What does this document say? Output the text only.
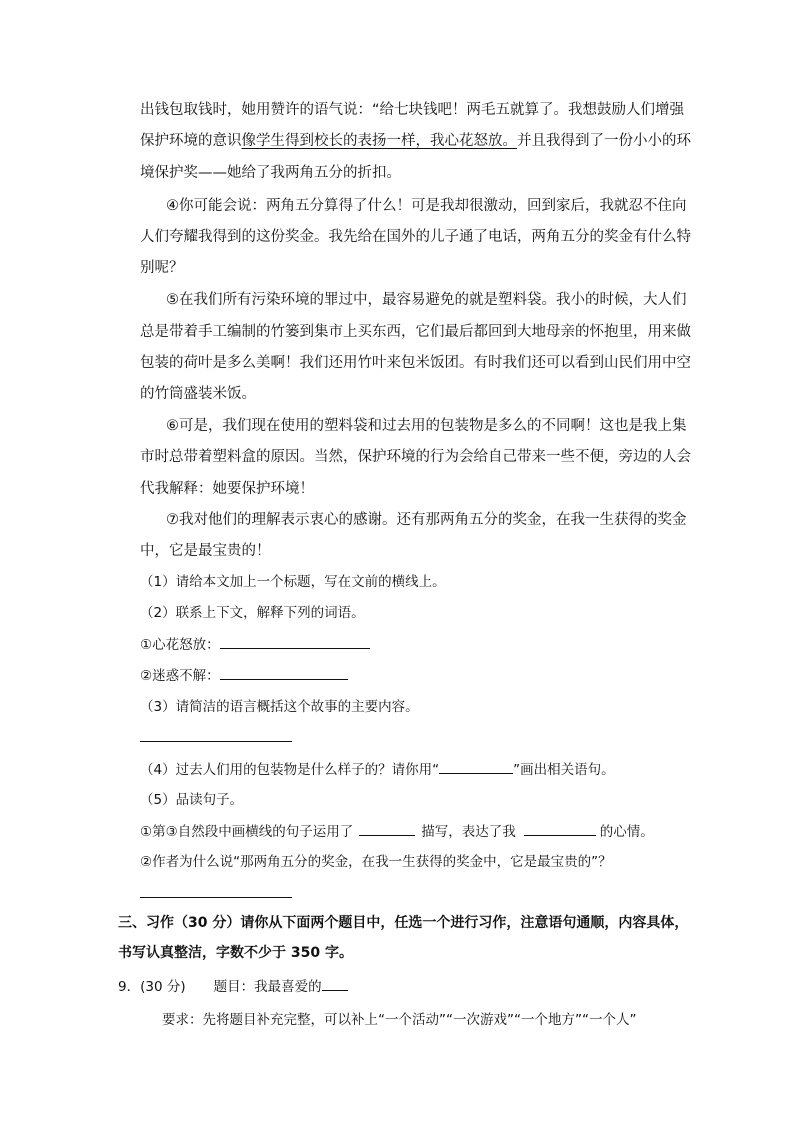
出钱包取钱时，她用赞许的语气说：“给七块钱吧！两毛五就算了。我想鼓励人们增强
保护环境的意识像学生得到校长的表扬一样，我心花怒放。并且我得到了一份小小的环
境保护奖——她给了我两角五分的折扣。
④你可能会说：两角五分算得了什么！可是我却很激动，回到家后，我就忍不住向
人们夸耀我得到的这份奖金。我先给在国外的儿子通了电话，两角五分的奖金有什么特
别呢？
⑤在我们所有污染环境的罪过中，最容易避免的就是塑料袋。我小的时候，大人们
总是带着手工编制的竹篓到集市上买东西，它们最后都回到大地母亲的怀抱里，用来做
包装的荷叶是多么美啊！我们还用竹叶来包米饭团。有时我们还可以看到山民们用中空
的竹筒盛装米饭。
⑥可是，我们现在使用的塑料袋和过去用的包装物是多么的不同啊！这也是我上集
市时总带着塑料盒的原因。当然，保护环境的行为会给自己带来一些不便，旁边的人会
代我解释：她要保护环境！
⑦我对他们的理解表示衷心的感谢。还有那两角五分的奖金，在我一生获得的奖金
中，它是最宝贵的！
（1）请给本文加上一个标题，写在文前的横线上。
（2）联系上下文，解释下列的词语。
①心花怒放：
②迷惑不解：
（3）请简洁的语言概括这个故事的主要内容。
（4）过去人们用的包装物是什么样子的？请你用“	”画出相关语句。
（5）品读句子。
①第③自然段中画横线的句子运用了	描写，表达了我	的心情。
②作者为什么说“那两角五分的奖金，在我一生获得的奖金中，它是最宝贵的”？
三、习作（30 分）请你从下面两个题目中，任选一个进行习作，注意语句通顺，内容具体，
书写认真整洁，字数不少于 350 字。
9．(30 分) 题目：我最喜爱的
要求：先将题目补充完整，可以补上“一个活动”“一次游戏”“一个地方”“一个人”
